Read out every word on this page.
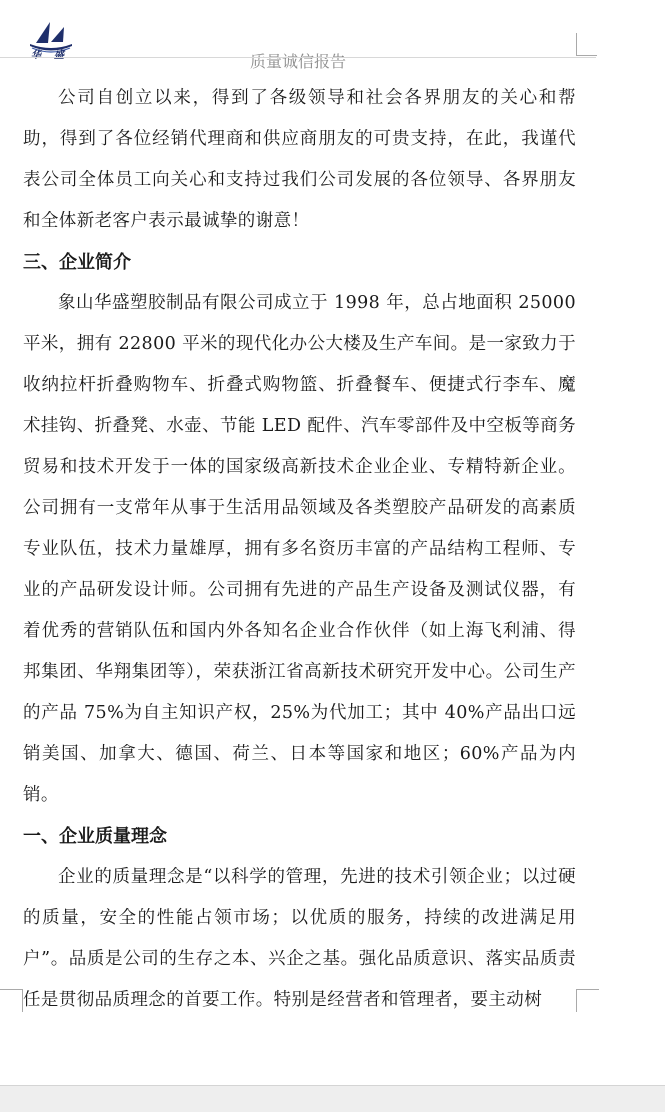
华盛	质量诚信报告

公司自创立以来，得到了各级领导和社会各界朋友的关心和帮助，得到了各位经销代理商和供应商朋友的可贵支持，在此，我谨代表公司全体员工向关心和支持过我们公司发展的各位领导、各界朋友和全体新老客户表示最诚挚的谢意！

三、企业简介

象山华盛塑胶制品有限公司成立于 1998 年，总占地面积 25000 平米，拥有 22800 平米的现代化办公大楼及生产车间。是一家致力于收纳拉杆折叠购物车、折叠式购物篮、折叠餐车、便捷式行李车、魔术挂钩、折叠凳、水壶、节能 LED 配件、汽车零部件及中空板等商务贸易和技术开发于一体的国家级高新技术企业企业、专精特新企业。公司拥有一支常年从事于生活用品领域及各类塑胶产品研发的高素质专业队伍，技术力量雄厚，拥有多名资历丰富的产品结构工程师、专业的产品研发设计师。公司拥有先进的产品生产设备及测试仪器，有着优秀的营销队伍和国内外各知名企业合作伙伴（如上海飞利浦、得邦集团、华翔集团等），荣获浙江省高新技术研究开发中心。公司生产的产品 75%为自主知识产权，25%为代加工；其中 40%产品出口远销美国、加拿大、德国、荷兰、日本等国家和地区；60%产品为内销。

一、企业质量理念

企业的质量理念是“以科学的管理，先进的技术引领企业；以过硬的质量，安全的性能占领市场；以优质的服务，持续的改进满足用户”。品质是公司的生存之本、兴企之基。强化品质意识、落实品质责任是贯彻品质理念的首要工作。特别是经营者和管理者，要主动树
